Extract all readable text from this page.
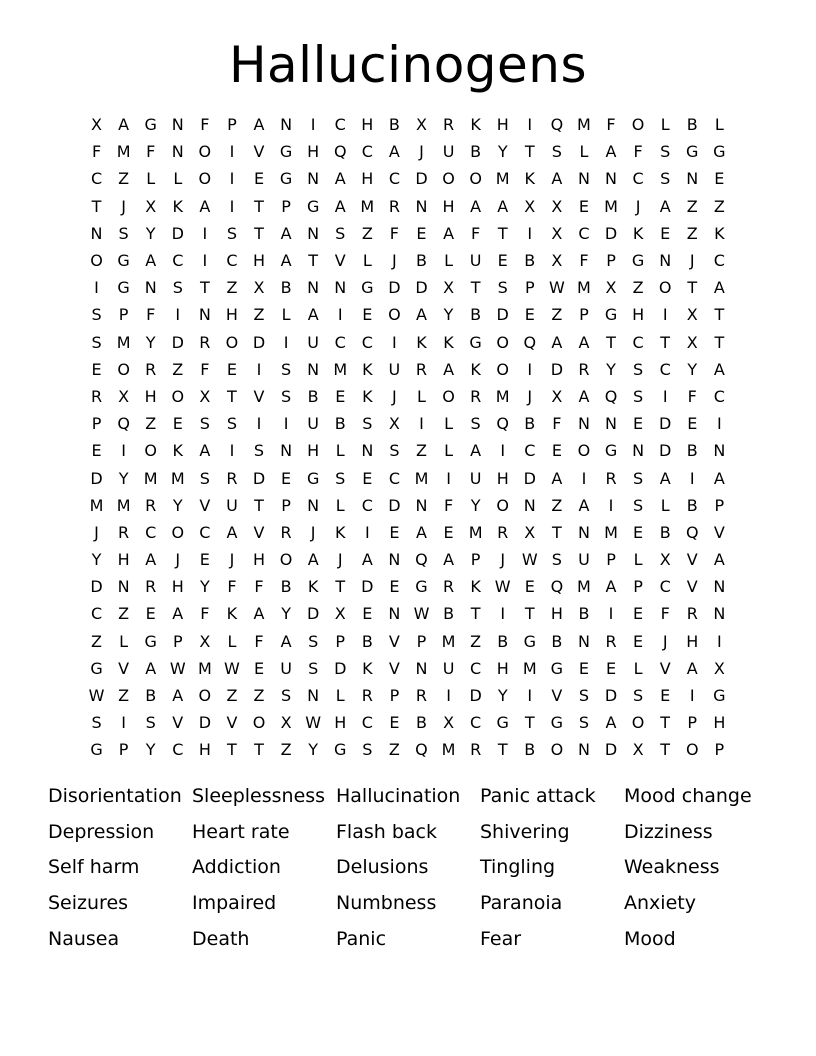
Hallucinogens
X	A G N	F	P	A N	I	C H B	X	R	K H	I	Q M F	O	L	B	L
F M F	N O	I	V G H Q C	A	J	U B	Y	T	S	L	A	F	S G G
C	Z	L	L	O	I	E G N A H C D O O M K	A N N C	S	N	E
T	J	X	K	A	I	T	P	G A M R N H A	A	X	X	E M	J	A	Z	Z
N	S	Y	D	I	S	T	A N	S	Z	F	E	A	F	T	I	X	C D K	E	Z	K
O G A	C	I	C H A	T	V	L	J	B	L	U	E	B	X	F	P	G N	J	C
I	G N	S	T	Z	X	B N N G D D X	T	S	P W M X	Z O T	A
S	P	F	I	N H Z	L	A	I	E O A	Y	B D E	Z	P	G H	I	X	T
S M Y	D R O D	I	U C C	I	K	K G O Q A	A	T	C	T	X	T
E O R	Z	F	E	I	S	N M K U R	A	K O	I	D R	Y	S	C	Y	A
R	X H O X	T	V	S	B	E	K	J	L	O R M	J	X	A Q S	I	F	C
P Q Z	E	S	S	I	I	U B	S	X	I	L	S Q B	F	N N	E D E	I
E	I	O K	A	I	S	N H	L	N	S	Z	L	A	I	C	E O G N D B N
D	Y M M S	R D E G S	E	C M	I	U H D A	I	R	S	A	I	A
M M R	Y	V U	T	P	N	L	C D N	F	Y O N Z	A	I	S	L	B	P
J	R C O C	A	V	R	J	K	I	E	A	E M R	X	T	N M E	B Q V
Y	H A	J	E	J	H O A	J	A N Q A	P	J	W S	U	P	L	X	V	A
D N R H	Y	F	F	B	K	T	D E G R	K W E Q M A	P	C	V N
C	Z	E	A	F	K	A	Y	D X	E	N W B	T	I	T	H B	I	E	F	R N
Z	L	G	P	X	L	F	A	S	P	B	V	P M Z	B G B N R	E	J	H	I
G V	A W M W E	U	S D K	V N U C H M G E	E	L	V	A	X
W Z	B	A O Z	Z	S	N	L	R	P	R	I	D	Y	I	V	S D S	E	I	G
S	I	S	V D V O X W H C	E	B	X	C G T G S	A O T	P	H
G	P	Y	C H	T	T	Z	Y G S	Z Q M R	T	B O N D X	T O P
Disorientation Sleeplessness Hallucination	Panic attack	Mood change
Depression	Heart rate	Flash back	Shivering	Dizziness
Self harm	Addiction	Delusions	Tingling	Weakness
Seizures	Impaired	Numbness	Paranoia	Anxiety
Nausea	Death	Panic	Fear	Mood
